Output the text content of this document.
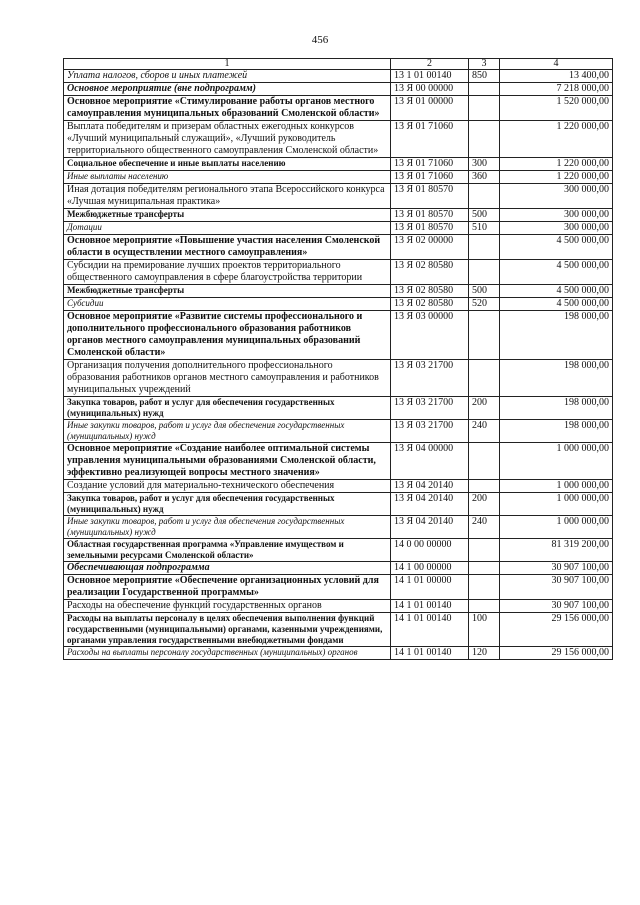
456
1	2	3	4
Уплата налогов, сборов и иных платежей	13 1 01 00140	850	13 400,00
Основное мероприятие (вне подпрограмм)	13 Я 00 00000		7 218 000,00
Основное мероприятие «Стимулирование работы органов местного самоуправления муниципальных образований Смоленской области»	13 Я 01 00000		1 520 000,00
Выплата победителям и призерам областных ежегодных конкурсов «Лучший муниципальный служащий», «Лучший руководитель территориального общественного самоуправления Смоленской области»	13 Я 01 71060		1 220 000,00
Социальное обеспечение и иные выплаты населению	13 Я 01 71060	300	1 220 000,00
Иные выплаты населению	13 Я 01 71060	360	1 220 000,00
Иная дотация победителям регионального этапа Всероссийского конкурса «Лучшая муниципальная практика»	13 Я 01 80570		300 000,00
Межбюджетные трансферты	13 Я 01 80570	500	300 000,00
Дотации	13 Я 01 80570	510	300 000,00
Основное мероприятие «Повышение участия населения Смоленской области в осуществлении местного самоуправления»	13 Я 02 00000		4 500 000,00
Субсидии на премирование лучших проектов территориального общественного самоуправления в сфере благоустройства территории	13 Я 02 80580		4 500 000,00
Межбюджетные трансферты	13 Я 02 80580	500	4 500 000,00
Субсидии	13 Я 02 80580	520	4 500 000,00
Основное мероприятие «Развитие системы профессионального и дополнительного профессионального образования работников органов местного самоуправления муниципальных образований Смоленской области»	13 Я 03 00000		198 000,00
Организация получения дополнительного профессионального образования работников органов местного самоуправления и работников муниципальных учреждений	13 Я 03 21700		198 000,00
Закупка товаров, работ и услуг для обеспечения государственных (муниципальных) нужд	13 Я 03 21700	200	198 000,00
Иные закупки товаров, работ и услуг для обеспечения государственных (муниципальных) нужд	13 Я 03 21700	240	198 000,00
Основное мероприятие «Создание наиболее оптимальной системы управления муниципальными образованиями Смоленской области, эффективно реализующей вопросы местного значения»	13 Я 04 00000		1 000 000,00
Создание условий для материально-технического обеспечения	13 Я 04 20140		1 000 000,00
Закупка товаров, работ и услуг для обеспечения государственных (муниципальных) нужд	13 Я 04 20140	200	1 000 000,00
Иные закупки товаров, работ и услуг для обеспечения государственных (муниципальных) нужд	13 Я 04 20140	240	1 000 000,00
Областная государственная программа «Управление имуществом и земельными ресурсами Смоленской области»	14 0 00 00000		81 319 200,00
Обеспечивающая подпрограмма	14 1 00 00000		30 907 100,00
Основное мероприятие «Обеспечение организационных условий для реализации Государственной программы»	14 1 01 00000		30 907 100,00
Расходы на обеспечение функций государственных органов	14 1 01 00140		30 907 100,00
Расходы на выплаты персоналу в целях обеспечения выполнения функций государственными (муниципальными) органами, казенными учреждениями, органами управления государственными внебюджетными фондами	14 1 01 00140	100	29 156 000,00
Расходы на выплаты персоналу государственных (муниципальных) органов	14 1 01 00140	120	29 156 000,00
